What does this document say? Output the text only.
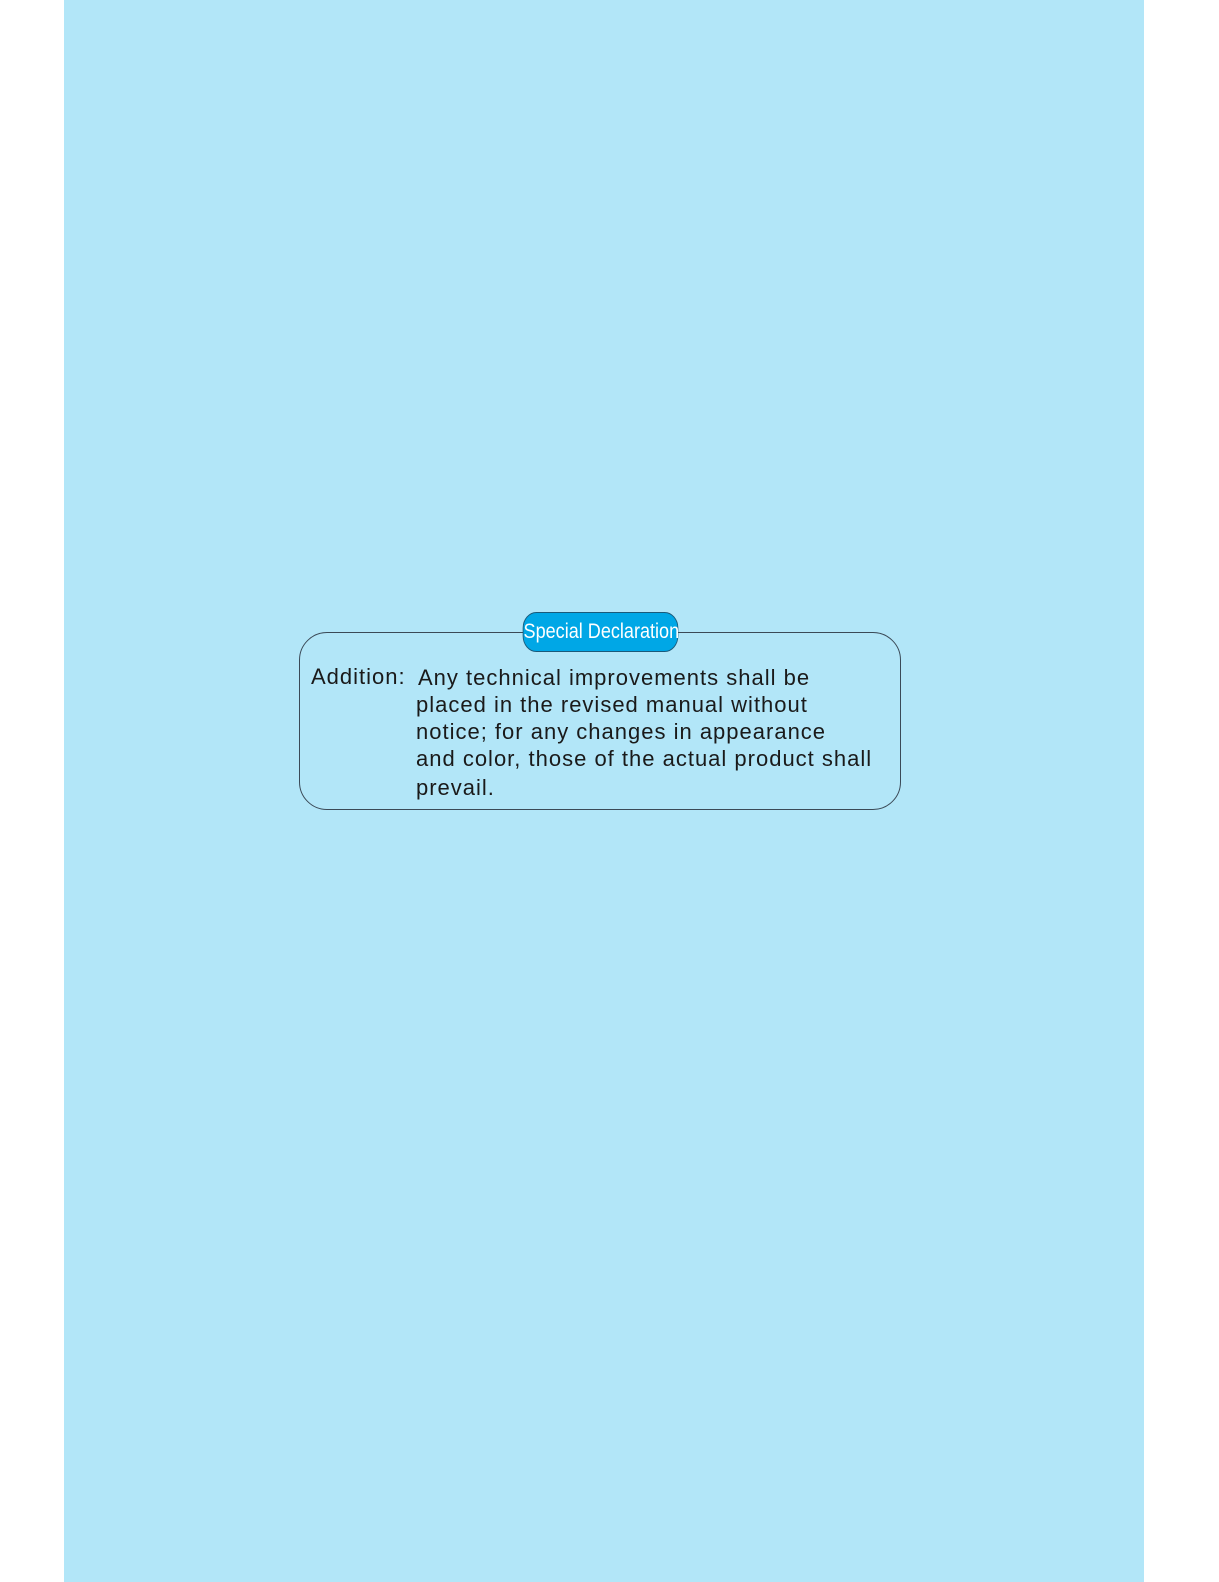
Special Declaration
Addition: Any technical improvements shall be
placed in the revised manual without
notice; for any changes in appearance
and color, those of the actual product shall
prevail.
